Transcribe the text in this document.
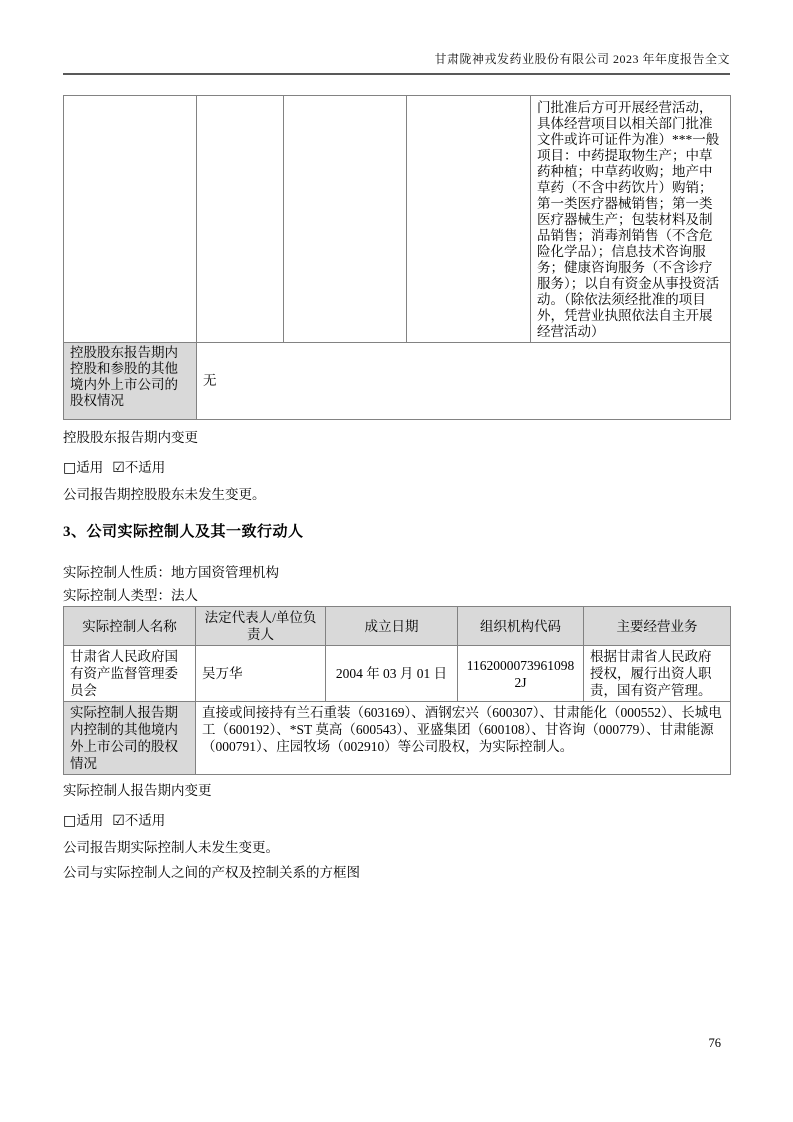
甘肃陇神戎发药业股份有限公司 2023 年年度报告全文
				门批准后方可开展经营活动，具体经营项目以相关部门批准文件或许可证件为准）***一般项目：中药提取物生产；中草药种植；中草药收购；地产中草药（不含中药饮片）购销；第一类医疗器械销售；第一类医疗器械生产；包装材料及制品销售；消毒剂销售（不含危险化学品）；信息技术咨询服务；健康咨询服务（不含诊疗服务）；以自有资金从事投资活动。（除依法须经批准的项目外，凭营业执照依法自主开展经营活动）
控股股东报告期内控股和参股的其他境内外上市公司的股权情况	无			

控股股东报告期内变更

□适用 ☑不适用

公司报告期控股股东未发生变更。

3、公司实际控制人及其一致行动人

实际控制人性质：地方国资管理机构

实际控制人类型：法人

实际控制人名称	法定代表人/单位负责人	成立日期	组织机构代码	主要经营业务
甘肃省人民政府国有资产监督管理委员会	吴万华	2004 年 03 月 01 日	11620000739610982J	根据甘肃省人民政府授权，履行出资人职责，国有资产管理。
实际控制人报告期内控制的其他境内外上市公司的股权情况	直接或间接持有兰石重装（603169）、酒钢宏兴（600307）、甘肃能化（000552）、长城电工（600192）、*ST 莫高（600543）、亚盛集团（600108）、甘咨询（000779）、甘肃能源（000791）、庄园牧场（002910）等公司股权，为实际控制人。			

实际控制人报告期内变更

□适用 ☑不适用

公司报告期实际控制人未发生变更。

公司与实际控制人之间的产权及控制关系的方框图

76
